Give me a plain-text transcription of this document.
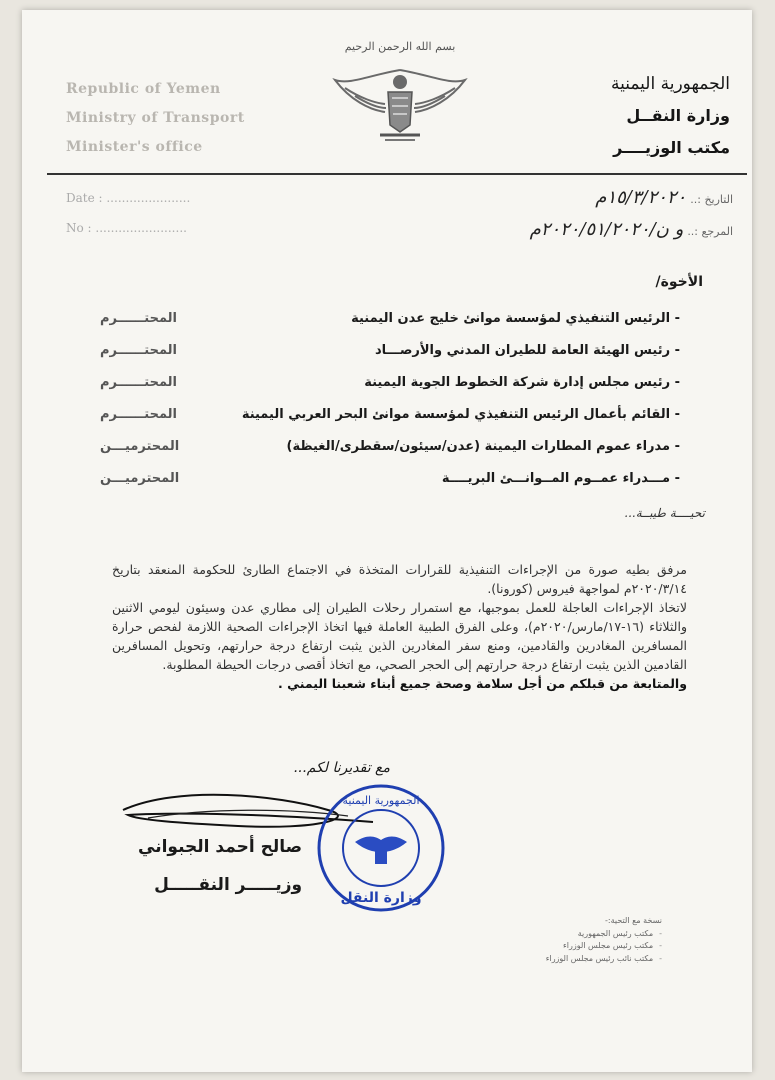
Republic of Yemen
Ministry of Transport
Minister's office
بسم الله الرحمن الرحيم
الجمهورية اليمنية
وزارة النقــل
مكتب الوزيــــر
Date : ......................
No : ........................
التاريخ :..١٥/٣/٢٠٢٠م
المرجع :..و ن/٢٠٢٠/٥١/٢٠٢٠م
الأخوة/
- الرئيس التنفيذي لمؤسسة موانئ خليج عدن اليمنية
المحتــــــرم
- رئيس الهيئة العامة للطيران المدني والأرصـــاد
المحتــــــرم
- رئيس مجلس إدارة شركة الخطوط الجوية اليمينة
المحتــــــرم
- القائم بأعمال الرئيس التنفيذي لمؤسسة موانئ البحر العربي اليمينة
المحتــــــرم
- مدراء عموم المطارات اليمينة (عدن/سيئون/سقطرى/الغيظة)
المحترميـــن
- مـــدراء عمــوم المــوانـــئ البريــــة
المحترميـــن
تحيــــة طيبــة...

مرفق بطيه صورة من الإجراءات التنفيذية للقرارات المتخذة في الاجتماع الطارئ للحكومة المنعقد بتاريخ ٢٠٢٠/٣/١٤م لمواجهة فيروس (كورونا).

لاتخاذ الإجراءات العاجلة للعمل بموجبها، مع استمرار رحلات الطيران إلى مطاري عدن وسيئون ليومي الاثنين والثلاثاء (١٦-١٧/مارس/٢٠٢٠م)، وعلى الفرق الطبية العاملة فيها اتخاذ الإجراءات الصحية اللازمة لفحص حرارة المسافرين المغادرين والقادمين، ومنع سفر المغادرين الذين يثبت ارتفاع درجة حرارتهم، وتحويل المسافرين القادمين الذين يثبت ارتفاع درجة حرارتهم إلى الحجر الصحي، مع اتخاذ أقصى درجات الحيطة المطلوبة.

والمتابعة من قبلكم من أجل سلامة وصحة جميع أبناء شعبنا اليمني .

مع تقديرنا لكم...
صالح أحمد الجبواني
وزيـــــر النقـــــل
الجمهورية اليمنية
وزارة النقل
نسخة مع التحية:-
-
مكتب رئيس الجمهورية
-
مكتب رئيس مجلس الوزراء
-
مكتب نائب رئيس مجلس الوزراء
